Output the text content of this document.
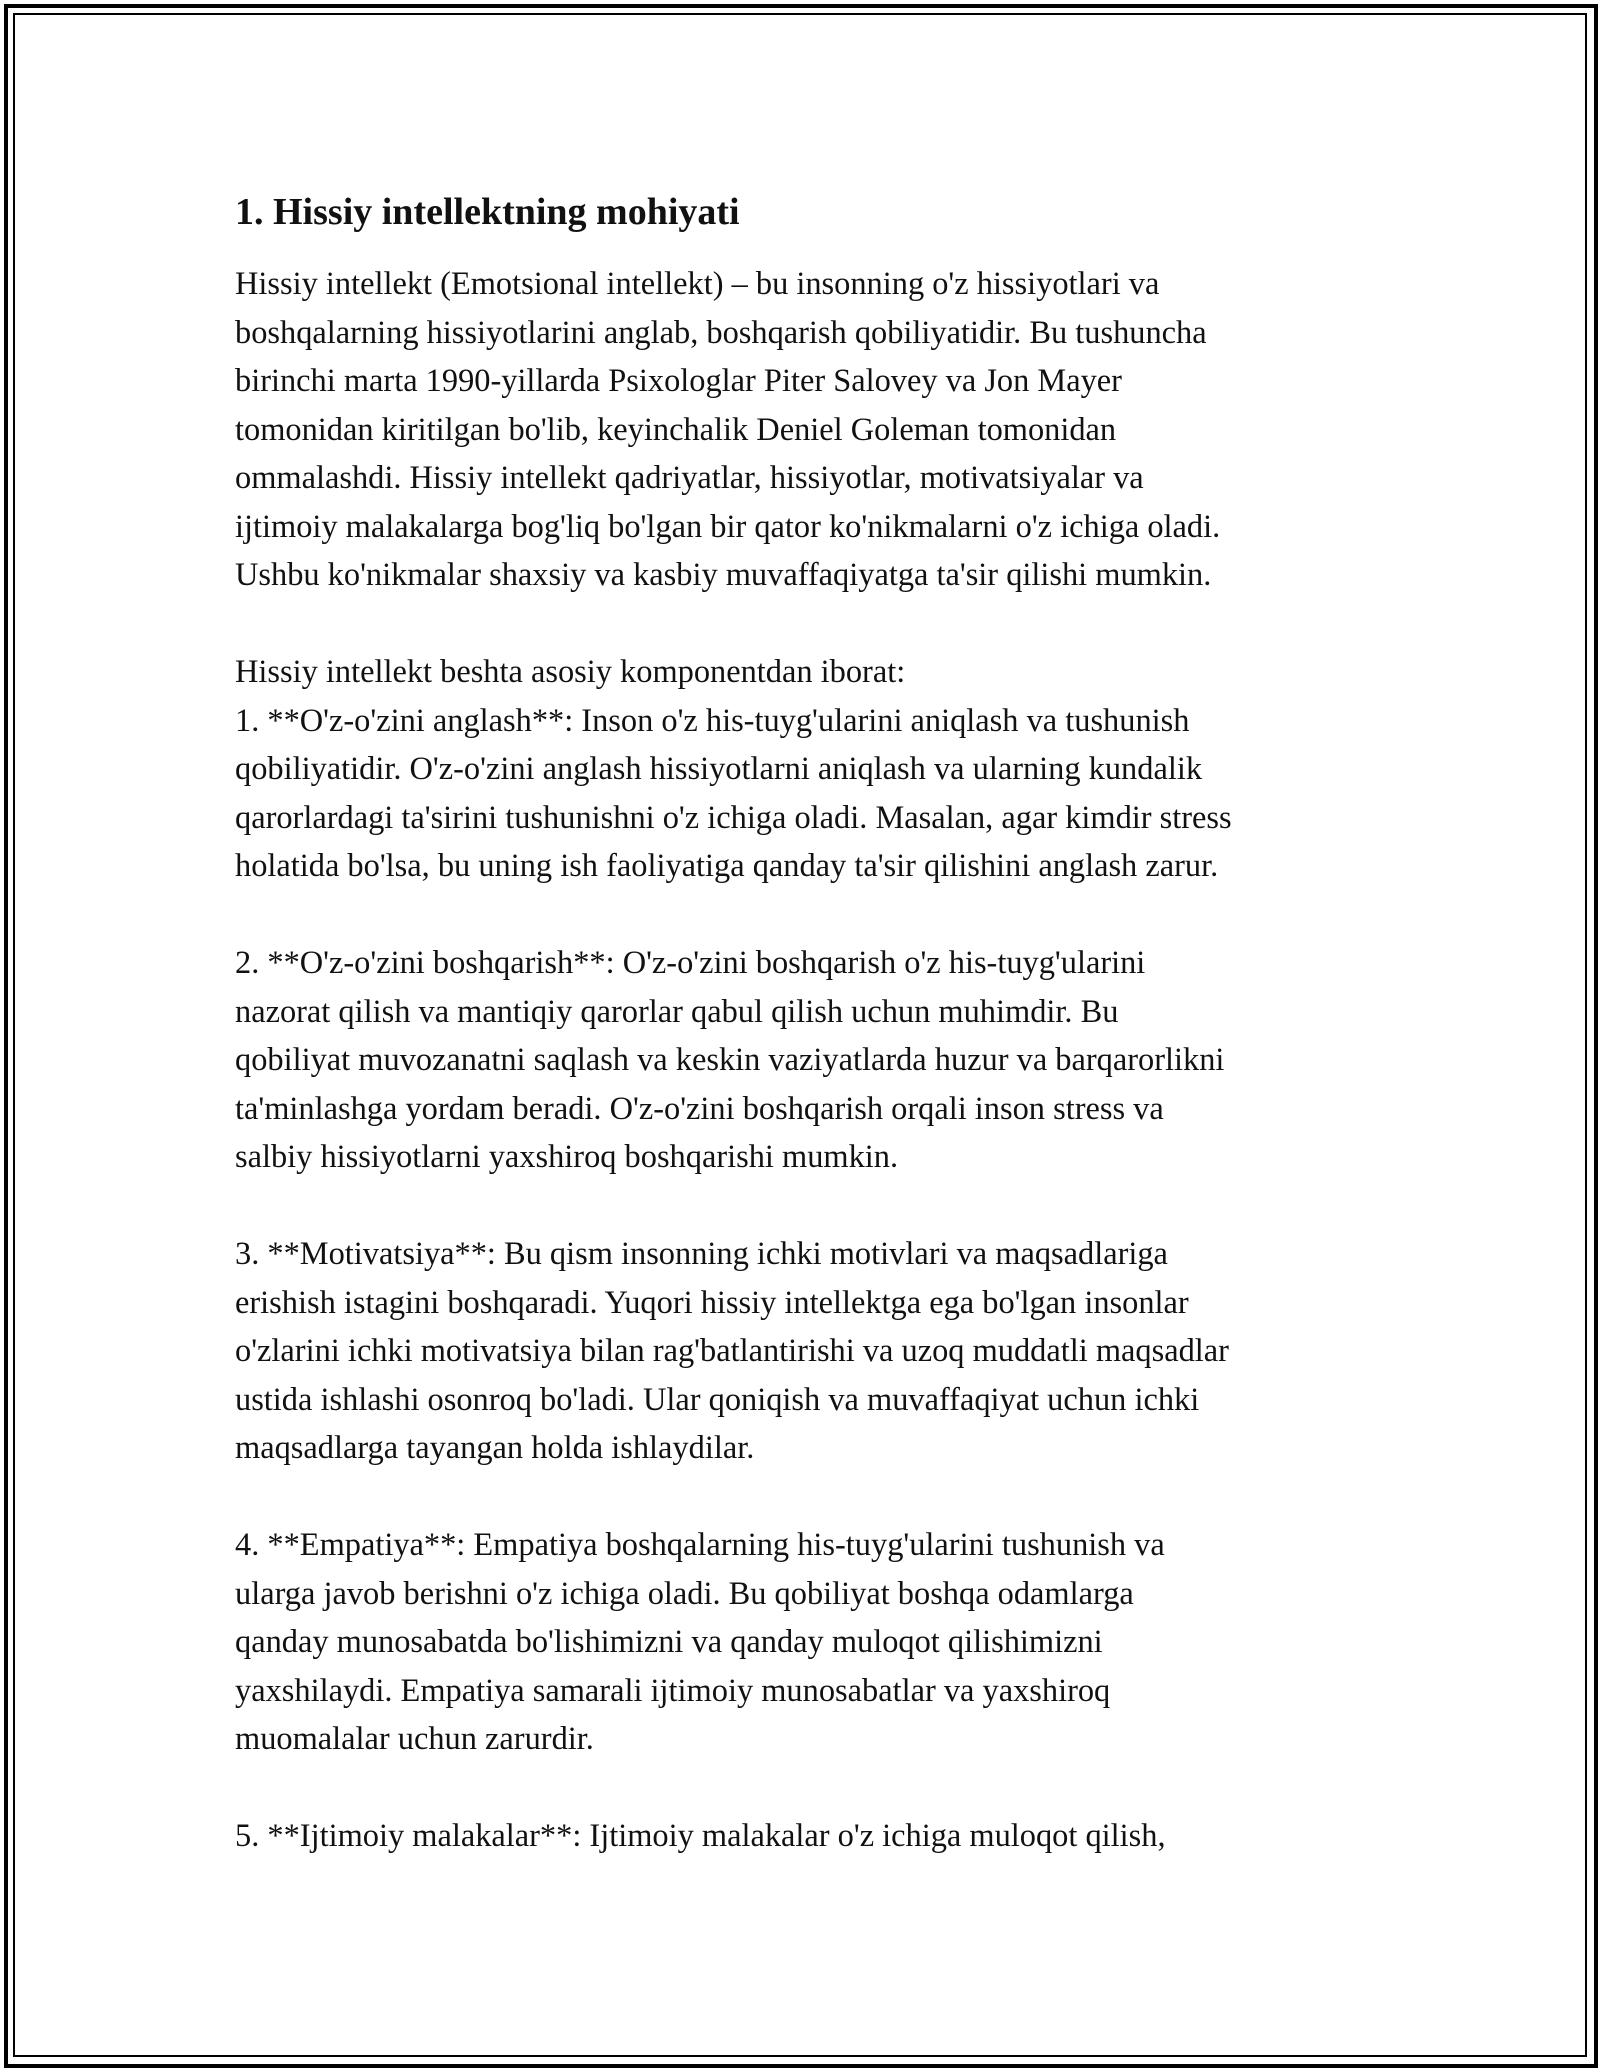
1. Hissiy intellektning mohiyati

Hissiy intellekt (Emotsional intellekt) – bu insonning o'z hissiyotlari va
boshqalarning hissiyotlarini anglab, boshqarish qobiliyatidir. Bu tushuncha
birinchi marta 1990-yillarda Psixologlar Piter Salovey va Jon Mayer
tomonidan kiritilgan bo'lib, keyinchalik Deniel Goleman tomonidan
ommalashdi. Hissiy intellekt qadriyatlar, hissiyotlar, motivatsiyalar va
ijtimoiy malakalarga bog'liq bo'lgan bir qator ko'nikmalarni o'z ichiga oladi.
Ushbu ko'nikmalar shaxsiy va kasbiy muvaffaqiyatga ta'sir qilishi mumkin.

Hissiy intellekt beshta asosiy komponentdan iborat:

1. **O'z-o'zini anglash**: Inson o'z his-tuyg'ularini aniqlash va tushunish
qobiliyatidir. O'z-o'zini anglash hissiyotlarni aniqlash va ularning kundalik
qarorlardagi ta'sirini tushunishni o'z ichiga oladi. Masalan, agar kimdir stress
holatida bo'lsa, bu uning ish faoliyatiga qanday ta'sir qilishini anglash zarur.

2. **O'z-o'zini boshqarish**: O'z-o'zini boshqarish o'z his-tuyg'ularini
nazorat qilish va mantiqiy qarorlar qabul qilish uchun muhimdir. Bu
qobiliyat muvozanatni saqlash va keskin vaziyatlarda huzur va barqarorlikni
ta'minlashga yordam beradi. O'z-o'zini boshqarish orqali inson stress va
salbiy hissiyotlarni yaxshiroq boshqarishi mumkin.

3. **Motivatsiya**: Bu qism insonning ichki motivlari va maqsadlariga
erishish istagini boshqaradi. Yuqori hissiy intellektga ega bo'lgan insonlar
o'zlarini ichki motivatsiya bilan rag'batlantirishi va uzoq muddatli maqsadlar
ustida ishlashi osonroq bo'ladi. Ular qoniqish va muvaffaqiyat uchun ichki
maqsadlarga tayangan holda ishlaydilar.

4. **Empatiya**: Empatiya boshqalarning his-tuyg'ularini tushunish va
ularga javob berishni o'z ichiga oladi. Bu qobiliyat boshqa odamlarga
qanday munosabatda bo'lishimizni va qanday muloqot qilishimizni
yaxshilaydi. Empatiya samarali ijtimoiy munosabatlar va yaxshiroq
muomalalar uchun zarurdir.

5. **Ijtimoiy malakalar**: Ijtimoiy malakalar o'z ichiga muloqot qilish,
